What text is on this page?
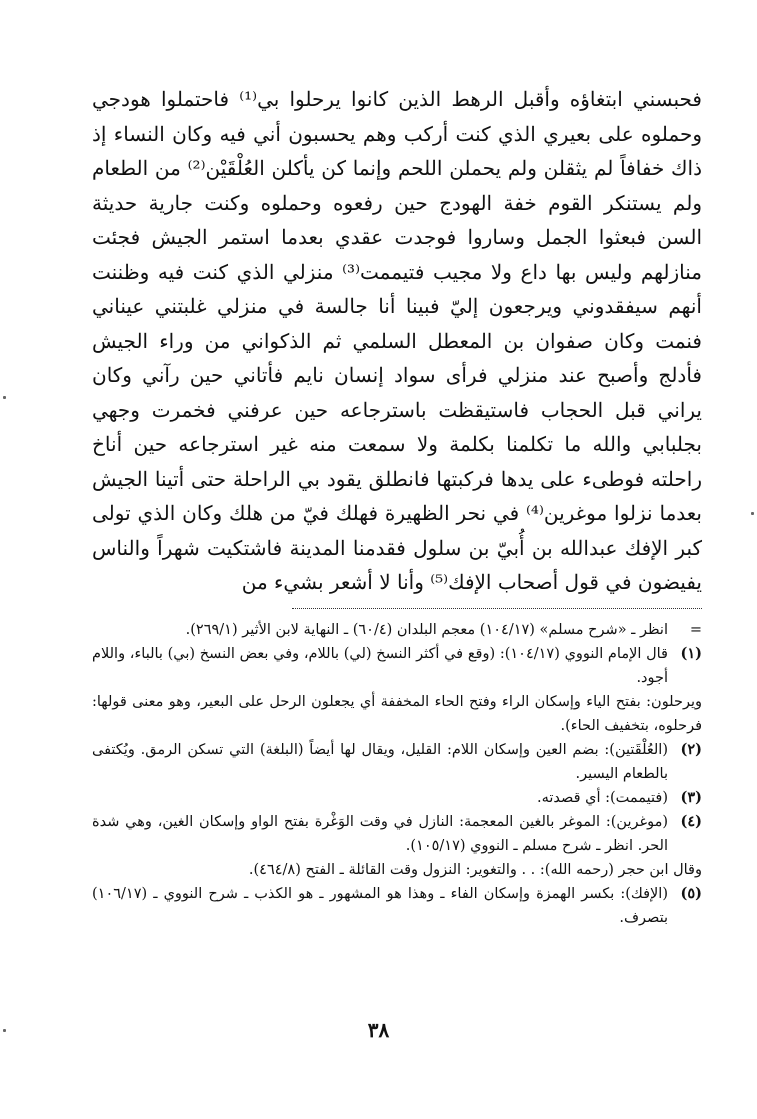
فحبسني ابتغاؤه وأقبل الرهط الذين كانوا يرحلوا بي⁽¹⁾ فاحتملوا هودجي وحملوه على بعيري الذي كنت أركب وهم يحسبون أني فيه وكان النساء إذ ذاك خفافاً لم يثقلن ولم يحملن اللحم وإنما كن يأكلن العُلْقَيْن⁽²⁾ من الطعام ولم يستنكر القوم خفة الهودج حين رفعوه وحملوه وكنت جارية حديثة السن فبعثوا الجمل وساروا فوجدت عقدي بعدما استمر الجيش فجئت منازلهم وليس بها داع ولا مجيب فتيممت⁽³⁾ منزلي الذي كنت فيه وظننت أنهم سيفقدوني ويرجعون إليّ فبينا أنا جالسة في منزلي غلبتني عيناني فنمت وكان صفوان بن المعطل السلمي ثم الذكواني من وراء الجيش فأدلج وأصبح عند منزلي فرأى سواد إنسان نايم فأتاني حين رآني وكان يراني قبل الحجاب فاستيقظت باسترجاعه حين عرفني فخمرت وجهي بجلبابي والله ما تكلمنا بكلمة ولا سمعت منه غير استرجاعه حين أناخ راحلته فوطىء على يدها فركبتها فانطلق يقود بي الراحلة حتى أتينا الجيش بعدما نزلوا موغرين⁽⁴⁾ في نحر الظهيرة فهلك فيّ من هلك وكان الذي تولى كبر الإفك عبدالله بن أُبيّ بن سلول فقدمنا المدينة فاشتكيت شهراً والناس يفيضون في قول أصحاب الإفك⁽⁵⁾ وأنا لا أشعر بشيء من

=
انظر ـ «شرح مسلم» (١٠٤/١٧) معجم البلدان (٦٠/٤) ـ النهاية لابن الأثير (٢٦٩/١).
(١)
قال الإمام النووي (١٠٤/١٧): (وقع في أكثر النسخ (لي) باللام، وفي بعض النسخ (بي) بالباء، واللام أجود.
ويرحلون: بفتح الياء وإسكان الراء وفتح الحاء المخففة أي يجعلون الرحل على البعير، وهو معنى قولها: فرحلوه، بتخفيف الحاء).
(٢)
(العُلْقَتين): بضم العين وإسكان اللام: القليل، ويقال لها أيضاً (البلغة) التي تسكن الرمق. ويُكتفى بالطعام اليسير.
(٣)
(فتيممت): أي قصدته.
(٤)
(موغرين): الموغر بالغين المعجمة: النازل في وقت الوَغْرة بفتح الواو وإسكان الغين، وهي شدة الحر. انظر ـ شرح مسلم ـ النووي (١٠٥/١٧).
وقال ابن حجر (رحمه الله): . . والتغوير: النزول وقت القائلة ـ الفتح (٤٦٤/٨).
(٥)
(الإفك): بكسر الهمزة وإسكان الفاء ـ وهذا هو المشهور ـ هو الكذب ـ شرح النووي ـ (١٠٦/١٧) بتصرف.
٣٨
